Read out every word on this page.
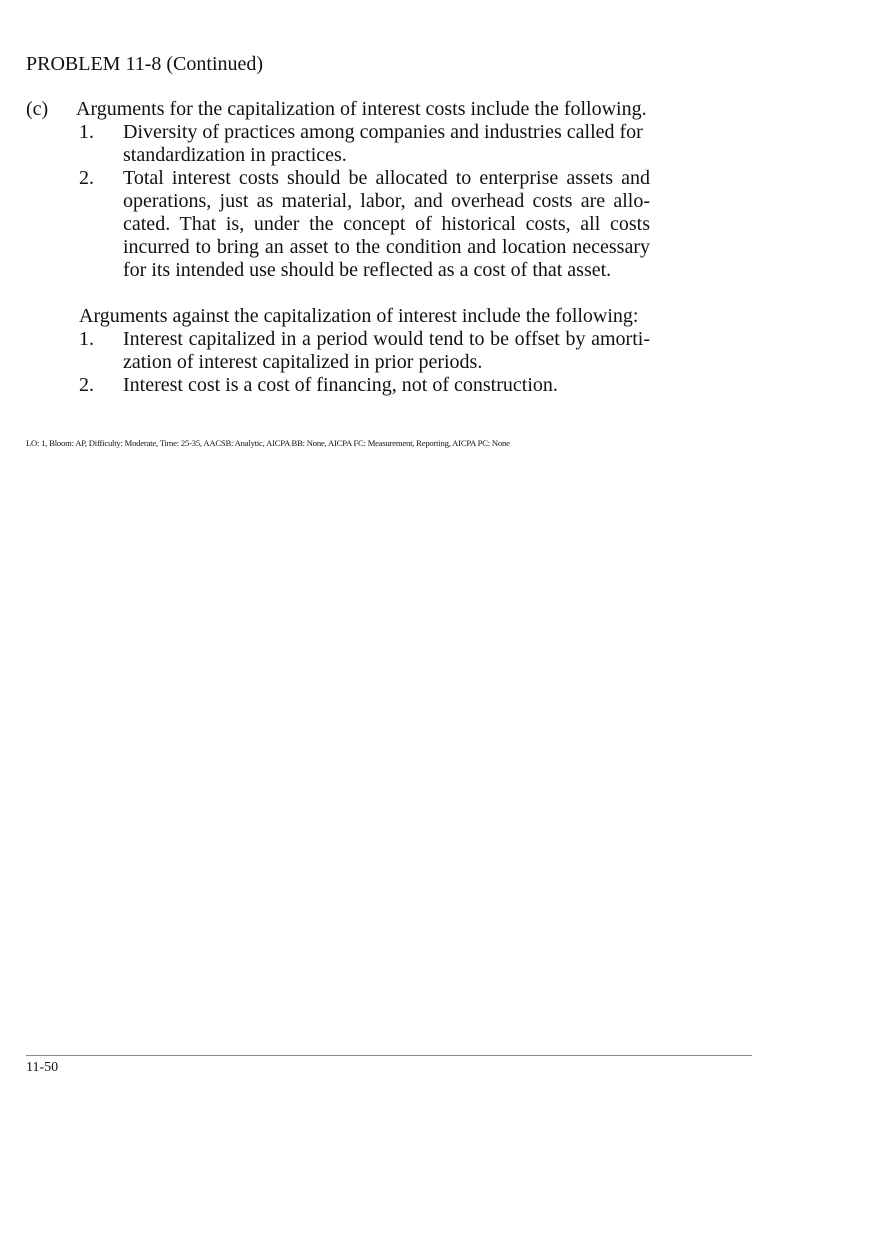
PROBLEM 11-8 (Continued)
(c) Arguments for the capitalization of interest costs include the following.
1. Diversity of practices among companies and industries called for standardization in practices.
2. Total interest costs should be allocated to enterprise assets and operations, just as material, labor, and overhead costs are allo-cated. That is, under the concept of historical costs, all costs incurred to bring an asset to the condition and location necessary for its intended use should be reflected as a cost of that asset.
Arguments against the capitalization of interest include the following:
1. Interest capitalized in a period would tend to be offset by amorti-zation of interest capitalized in prior periods.
2. Interest cost is a cost of financing, not of construction.
LO: 1, Bloom: AP, Difficulty: Moderate, Time: 25-35, AACSB: Analytic, AICPA BB: None, AICPA FC: Measurement, Reporting, AICPA PC: None
11-50
